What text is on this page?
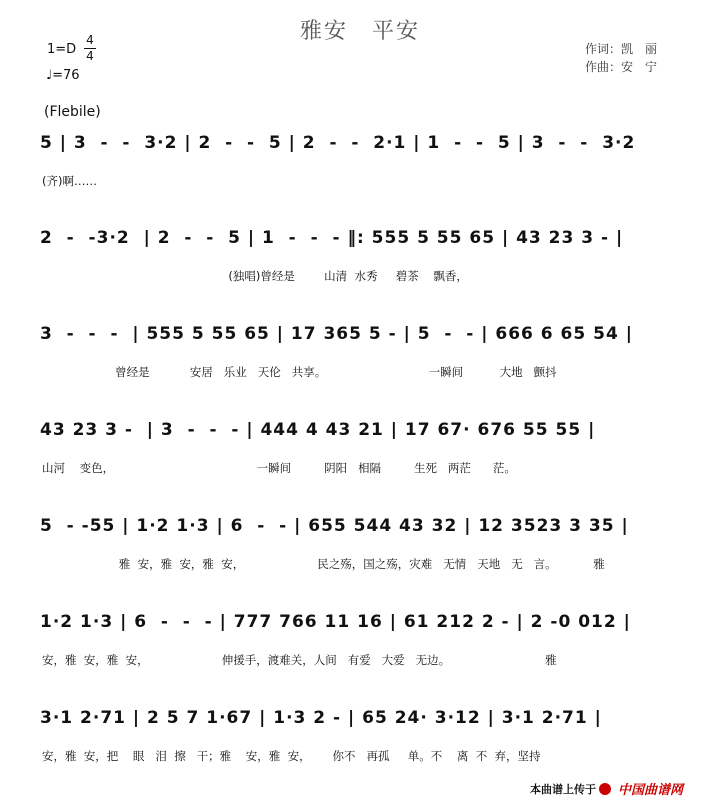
雅安　平安
1=D
4
4
♩=76
作词：凯　丽
作曲：安　宁
(Flebile)
5 | 3  -  -  3·2 | 2  -  -  5 | 2  -  -  2·1 | 1  -  -  5 | 3  -  -  3·2
(齐)啊……
2  -  -3·2  | 2  -  -  5 | 1  -  -  - ‖: 555 5 55 65 | 43 23 3 - |
(独唱)曾经是        山清  水秀     碧茶    飘香，
3  -  -  -  | 555 5 55 65 | 17 365 5 - | 5  -  - | 666 6 65 54 |
曾经是           安居   乐业   天伦   共享。                            一瞬间          大地   颤抖
43 23 3 -  | 3  -  -  - | 444 4 43 21 | 17 67· 676 55 55 |
山河    变色，                                       一瞬间         阴阳   相隔         生死   两茫      茫。
5  - -55 | 1·2 1·3 | 6  -  - | 655 544 43 32 | 12 3523 3 35 |
雅  安，雅  安，雅  安，                    民之殇，国之殇，灾难   无情   天地   无   言。          雅
1·2 1·3 | 6  -  -  - | 777 766 11 16 | 61 212 2 - | 2 -0 012 |
安，雅  安，雅  安，                    伸援手，渡难关，人间   有爱   大爱   无边。                          雅
3·1 2·71 | 2 5 7 1·67 | 1·3 2 - | 65 24· 3·12 | 3·1 2·71 |
安，雅  安，把    眼   泪  擦   干；雅    安，雅  安，      你不   再孤     单。不    离  不  弃，坚持
本曲谱上传于 中国曲谱网
